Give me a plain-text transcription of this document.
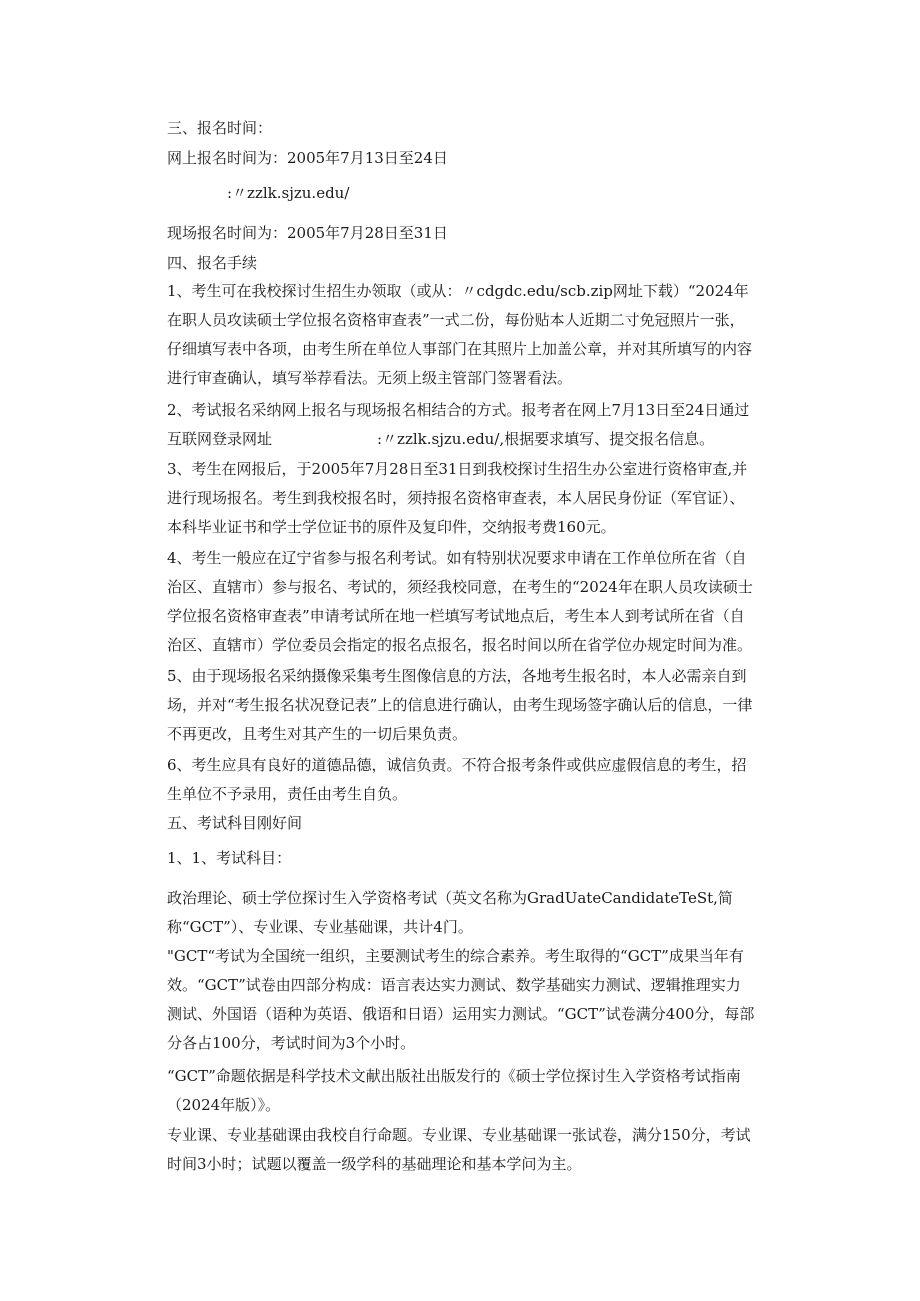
三、报名时间：

网上报名时间为：2005年7月13日至24日

:〃zzlk.sjzu.edu/

现场报名时间为：2005年7月28日至31日

四、报名手续

1、考生可在我校探讨生招生办领取（或从：〃cdgdc.edu/scb.zip网址下载）“2024年在职人员攻读硕士学位报名资格审查表”一式二份，每份贴本人近期二寸免冠照片一张，仔细填写表中各项，由考生所在单位人事部门在其照片上加盖公章，并对其所填写的内容进行审查确认，填写举荐看法。无须上级主管部门签署看法。

2、考试报名采纳网上报名与现场报名相结合的方式。报考者在网上7月13日至24日通过互联网登录网址　　　　　　　:〃zzlk.sjzu.edu/,根据要求填写、提交报名信息。

3、考生在网报后，于2005年7月28日至31日到我校探讨生招生办公室进行资格审查,并进行现场报名。考生到我校报名时，须持报名资格审查表，本人居民身份证（军官证）、本科毕业证书和学士学位证书的原件及复印件，交纳报考费160元。

4、考生一般应在辽宁省参与报名利考试。如有特别状况要求申请在工作单位所在省（自治区、直辖市）参与报名、考试的，须经我校同意，在考生的“2024年在职人员攻读硕士学位报名资格审查表”申请考试所在地一栏填写考试地点后，考生本人到考试所在省（自治区、直辖市）学位委员会指定的报名点报名，报名时间以所在省学位办规定时间为准。

5、由于现场报名采纳摄像采集考生图像信息的方法，各地考生报名时，本人必需亲自到场，并对“考生报名状况登记表”上的信息进行确认，由考生现场签字确认后的信息，一律不再更改，且考生对其产生的一切后果负责。

6、考生应具有良好的道德品德，诚信负责。不符合报考条件或供应虚假信息的考生，招生单位不予录用，责任由考生自负。

五、考试科目刚好间

1、1、考试科目：

政治理论、硕士学位探讨生入学资格考试（英文名称为GradUateCandidateTeSt,简称“GCT”）、专业课、专业基础课，共计4门。

"GCT“考试为全国统一组织，主要测试考生的综合素养。考生取得的“GCT”成果当年有效。“GCT”试卷由四部分构成：语言表达实力测试、数学基础实力测试、逻辑推理实力测试、外国语（语种为英语、俄语和日语）运用实力测试。“GCT”试卷满分400分，每部分各占100分，考试时间为3个小时。

“GCT”命题依据是科学技术文献出版社出版发行的《硕士学位探讨生入学资格考试指南（2024年版）》。

专业课、专业基础课由我校自行命题。专业课、专业基础课一张试卷，满分150分，考试时间3小时；试题以覆盖一级学科的基础理论和基本学问为主。
